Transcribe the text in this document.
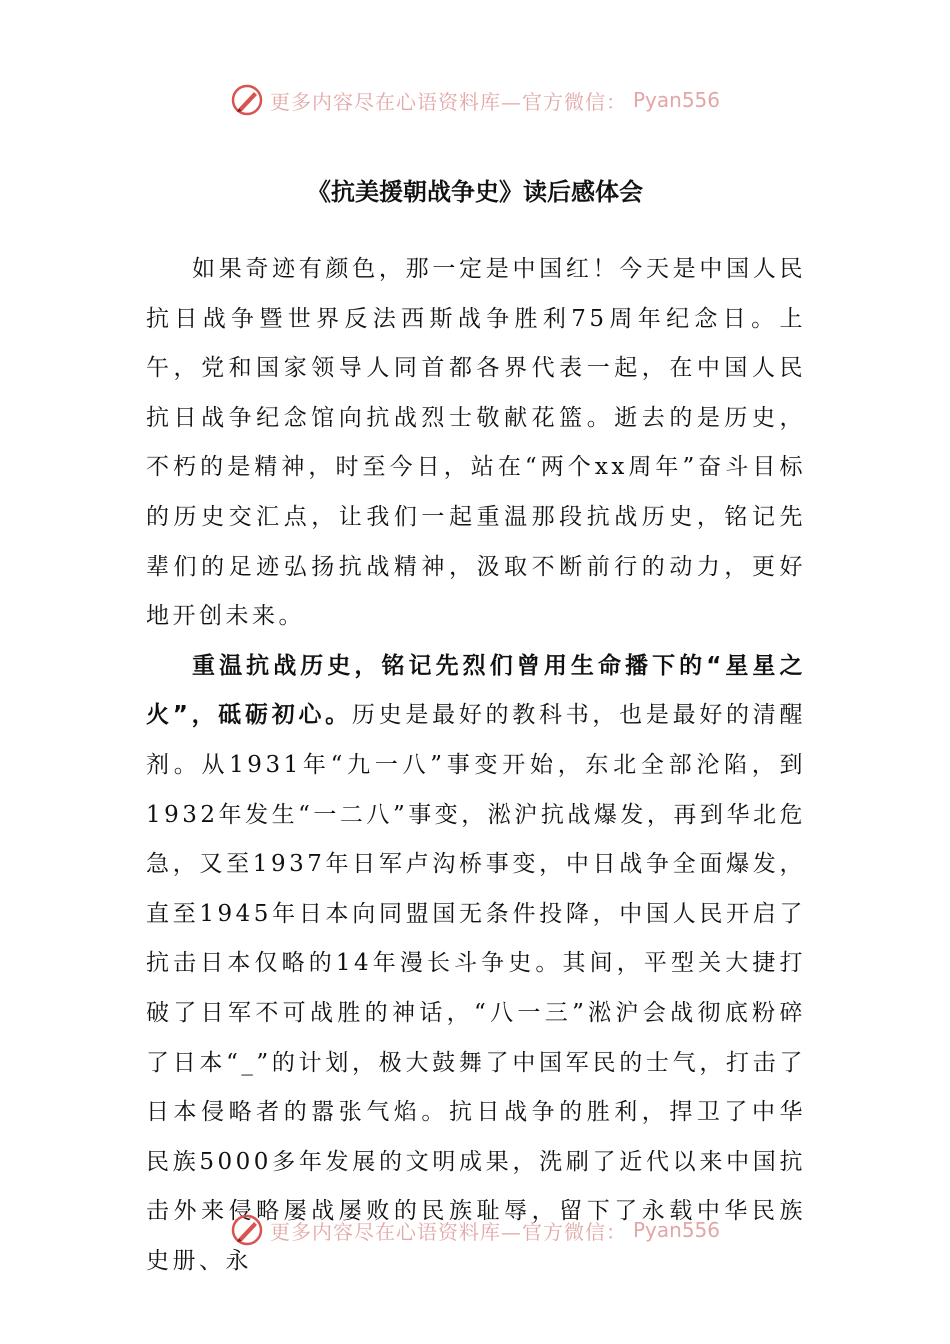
更多内容尽在心语资料库—官方微信： Pyan556
《抗美援朝战争史》读后感体会

如果奇迹有颜色，那一定是中国红！今天是中国人民抗日战争暨世界反法西斯战争胜利75周年纪念日。上午，党和国家领导人同首都各界代表一起，在中国人民抗日战争纪念馆向抗战烈士敬献花篮。逝去的是历史，不朽的是精神，时至今日，站在“两个xx周年”奋斗目标的历史交汇点，让我们一起重温那段抗战历史，铭记先辈们的足迹弘扬抗战精神，汲取不断前行的动力，更好地开创未来。

重温抗战历史，铭记先烈们曾用生命播下的“星星之火”，砥砺初心。历史是最好的教科书，也是最好的清醒剂。从1931年“九一八”事变开始，东北全部沦陷，到1932年发生“一二八”事变，淞沪抗战爆发，再到华北危急，又至1937年日军卢沟桥事变，中日战争全面爆发，直至1945年日本向同盟国无条件投降，中国人民开启了抗击日本仅略的14年漫长斗争史。其间，平型关大捷打破了日军不可战胜的神话，“八一三”淞沪会战彻底粉碎了日本“_”的计划，极大鼓舞了中国军民的士气，打击了日本侵略者的嚣张气焰。抗日战争的胜利，捍卫了中华民族5000多年发展的文明成果，洗刷了近代以来中国抗击外来侵略屡战屡败的民族耻辱，留下了永载中华民族史册、永

更多内容尽在心语资料库—官方微信： Pyan556
